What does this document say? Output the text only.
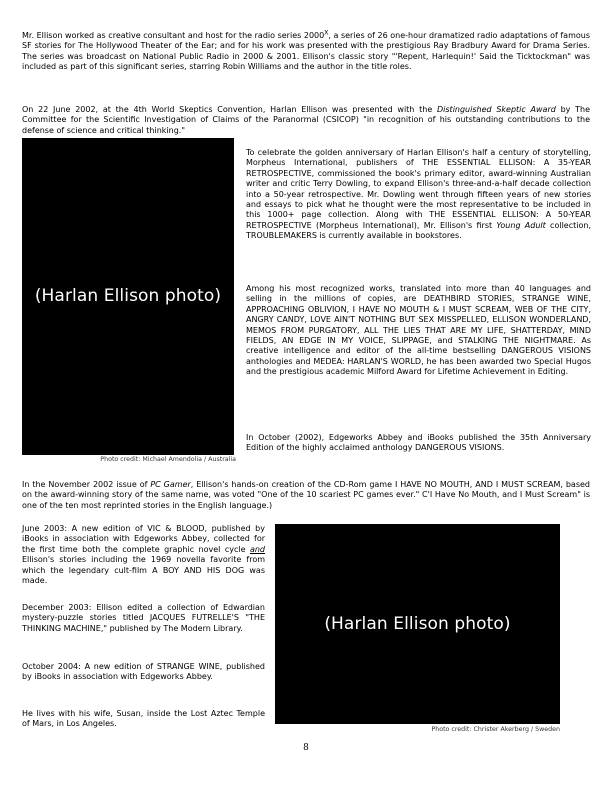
Mr. Ellison worked as creative consultant and host for the radio series $2000^X$, a series of 26 one-hour dramatized radio adaptations of famous SF stories for The Hollywood Theater of the Ear; and for his work was presented with the prestigious Ray Bradbury Award for Drama Series. The series was broadcast on National Public Radio in 2000 & 2001. Ellison's classic story "'Repent, Harlequin!' Said the Ticktockman" was included as part of this significant series, starring Robin Williams and the author in the title roles.

On 22 June 2002, at the 4th World Skeptics Convention, Harlan Ellison was presented with the Distinguished Skeptic Award by The Committee for the Scientific Investigation of Claims of the Paranormal (CSICOP) "in recognition of his outstanding contributions to the defense of science and critical thinking."

(Harlan Ellison photo)
Photo credit: Michael Amendolia / Australia

To celebrate the golden anniversary of Harlan Ellison's half a century of storytelling, Morpheus International, publishers of THE ESSENTIAL ELLISON: A 35-YEAR RETROSPECTIVE, commissioned the book's primary editor, award-winning Australian writer and critic Terry Dowling, to expand Ellison's three-and-a-half decade collection into a 50-year retrospective. Mr. Dowling went through fifteen years of new stories and essays to pick what he thought were the most representative to be included in this 1000+ page collection. Along with THE ESSENTIAL ELLISON: A 50-YEAR RETROSPECTIVE (Morpheus International), Mr. Ellison's first Young Adult collection, TROUBLEMAKERS is currently available in bookstores.

Among his most recognized works, translated into more than 40 languages and selling in the millions of copies, are DEATHBIRD STORIES, STRANGE WINE, APPROACHING OBLIVION, I HAVE NO MOUTH & I MUST SCREAM, WEB OF THE CITY, ANGRY CANDY, LOVE AIN'T NOTHING BUT SEX MISSPELLED, ELLISON WONDERLAND, MEMOS FROM PURGATORY, ALL THE LIES THAT ARE MY LIFE, SHATTERDAY, MIND FIELDS, AN EDGE IN MY VOICE, SLIPPAGE, and STALKING THE NIGHTMARE. As creative intelligence and editor of the all-time bestselling DANGEROUS VISIONS anthologies and MEDEA: HARLAN'S WORLD, he has been awarded two Special Hugos and the prestigious academic Milford Award for Lifetime Achievement in Editing.

In October (2002), Edgeworks Abbey and iBooks published the 35th Anniversary Edition of the highly acclaimed anthology DANGEROUS VISIONS.

In the November 2002 issue of PC Gamer, Ellison's hands-on creation of the CD-Rom game I HAVE NO MOUTH, AND I MUST SCREAM, based on the award-winning story of the same name, was voted "One of the 10 scariest PC games ever." C'I Have No Mouth, and I Must Scream" is one of the ten most reprinted stories in the English language.)

June 2003: A new edition of VIC & BLOOD, published by iBooks in association with Edgeworks Abbey, collected for the first time both the complete graphic novel cycle and Ellison's stories including the 1969 novella favorite from which the legendary cult-film A BOY AND HIS DOG was made.

December 2003: Ellison edited a collection of Edwardian mystery-puzzle stories titled JACQUES FUTRELLE'S "THE THINKING MACHINE," published by The Modern Library.

October 2004: A new edition of STRANGE WINE, published by iBooks in association with Edgeworks Abbey.

He lives with his wife, Susan, inside the Lost Aztec Temple of Mars, in Los Angeles.

(Harlan Ellison photo)
Photo credit: Christer Akerberg / Sweden
8
